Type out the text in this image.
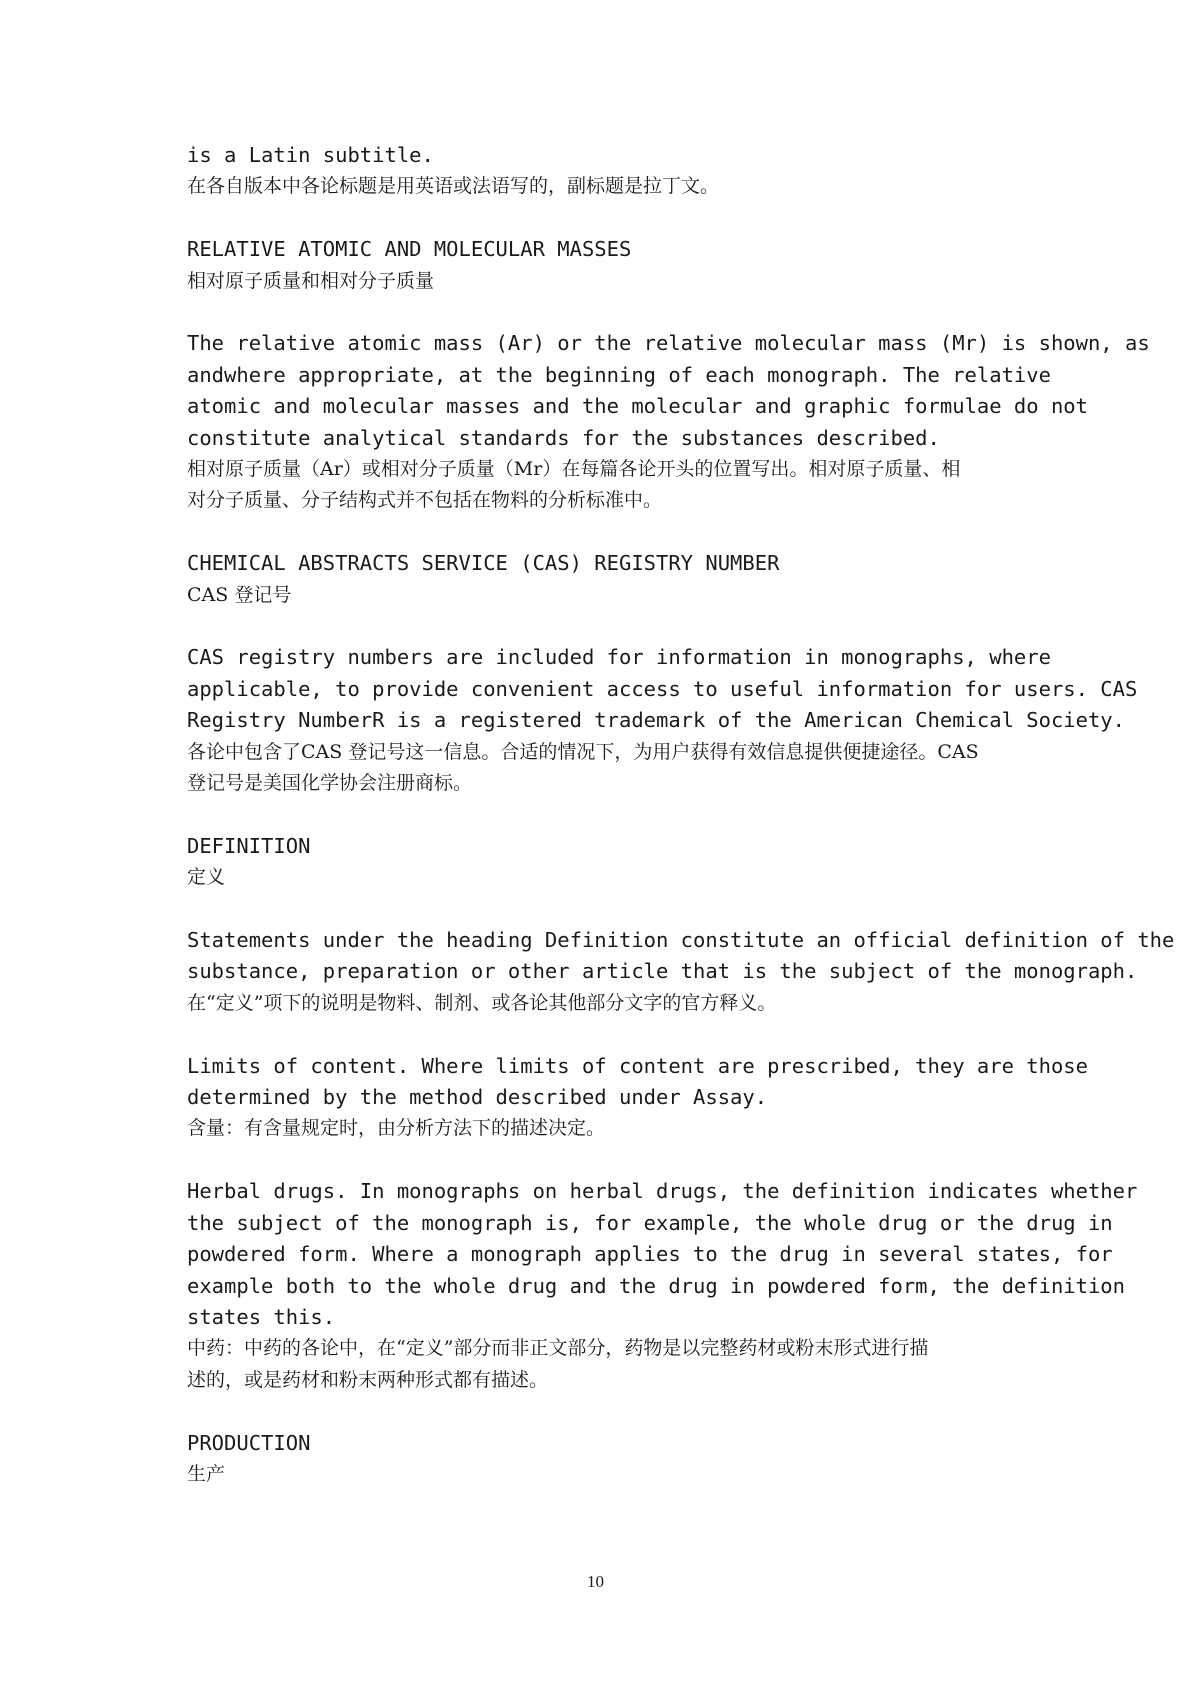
is a Latin subtitle.

在各自版本中各论标题是用英语或法语写的，副标题是拉丁文。

RELATIVE ATOMIC AND MOLECULAR MASSES

相对原子质量和相对分子质量

The relative atomic mass (Ar) or the relative molecular mass (Mr) is shown, as

andwhere appropriate, at the beginning of each monograph. The relative

atomic and molecular masses and the molecular and graphic formulae do not

constitute analytical standards for the substances described.

相对原子质量（Ar）或相对分子质量（Mr）在每篇各论开头的位置写出。相对原子质量、相

对分子质量、分子结构式并不包括在物料的分析标准中。

CHEMICAL ABSTRACTS SERVICE (CAS) REGISTRY NUMBER

CAS 登记号

CAS registry numbers are included for information in monographs, where

applicable, to provide convenient access to useful information for users. CAS

Registry NumberR is a registered trademark of the American Chemical Society.

各论中包含了CAS 登记号这一信息。合适的情况下，为用户获得有效信息提供便捷途径。CAS

登记号是美国化学协会注册商标。

DEFINITION

定义

Statements under the heading Definition constitute an official definition of the

substance, preparation or other article that is the subject of the monograph.

在“定义”项下的说明是物料、制剂、或各论其他部分文字的官方释义。

Limits of content. Where limits of content are prescribed, they are those

determined by the method described under Assay.

含量：有含量规定时，由分析方法下的描述决定。

Herbal drugs. In monographs on herbal drugs, the definition indicates whether

the subject of the monograph is, for example, the whole drug or the drug in

powdered form. Where a monograph applies to the drug in several states, for

example both to the whole drug and the drug in powdered form, the definition

states this.

中药：中药的各论中，在“定义”部分而非正文部分，药物是以完整药材或粉末形式进行描

述的，或是药材和粉末两种形式都有描述。

PRODUCTION

生产

10
